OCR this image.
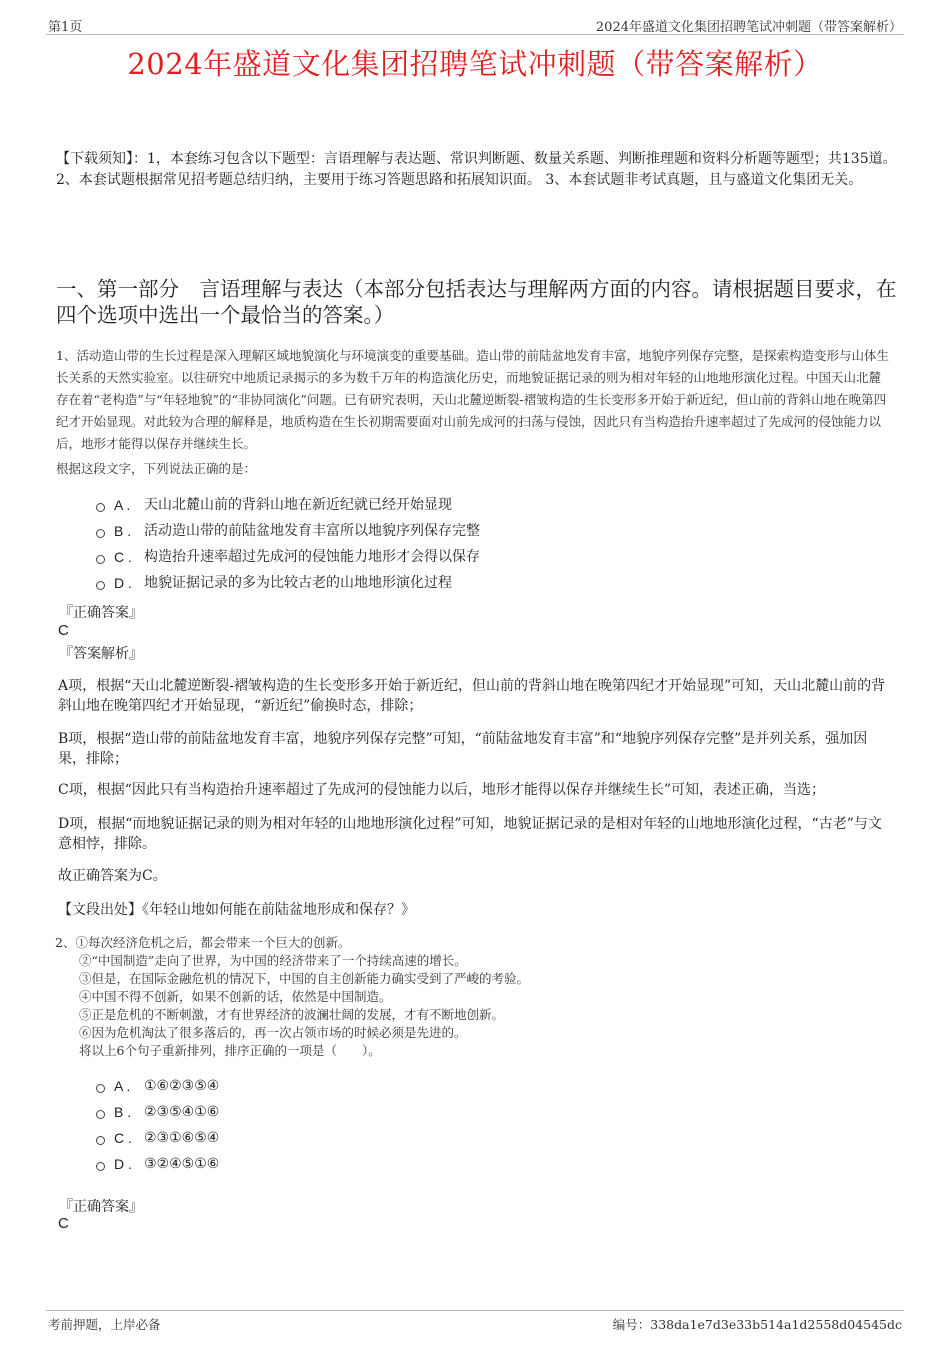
第1页	2024年盛道文化集团招聘笔试冲刺题（带答案解析）
2024年盛道文化集团招聘笔试冲刺题（带答案解析）
【下载须知】：1，本套练习包含以下题型：言语理解与表达题、常识判断题、数量关系题、判断推理题和资料分析题等题型；共135道。 2、本套试题根据常见招考题总结归纳，主要用于练习答题思路和拓展知识面。 3、本套试题非考试真题，且与盛道文化集团无关。
一、第一部分　言语理解与表达（本部分包括表达与理解两方面的内容。请根据题目要求，在四个选项中选出一个最恰当的答案。）
1、活动造山带的生长过程是深入理解区域地貌演化与环境演变的重要基础。造山带的前陆盆地发育丰富，地貌序列保存完整，是探索构造变形与山体生长关系的天然实验室。以往研究中地质记录揭示的多为数千万年的构造演化历史，而地貌证据记录的则为相对年轻的山地地形演化过程。中国天山北麓存在着“老构造”与“年轻地貌”的“非协同演化”问题。已有研究表明，天山北麓逆断裂-褶皱构造的生长变形多开始于新近纪，但山前的背斜山地在晚第四纪才开始显现。对此较为合理的解释是，地质构造在生长初期需要面对山前先成河的扫荡与侵蚀，因此只有当构造抬升速率超过了先成河的侵蚀能力以后，地形才能得以保存并继续生长。
根据这段文字，下列说法正确的是：
A . 天山北麓山前的背斜山地在新近纪就已经开始显现
B . 活动造山带的前陆盆地发育丰富所以地貌序列保存完整
C . 构造抬升速率超过先成河的侵蚀能力地形才会得以保存
D . 地貌证据记录的多为比较古老的山地地形演化过程
『正确答案』
C
『答案解析』
A项，根据“天山北麓逆断裂-褶皱构造的生长变形多开始于新近纪，但山前的背斜山地在晚第四纪才开始显现”可知，天山北麓山前的背斜山地在晚第四纪才开始显现，“新近纪”偷换时态，排除；
B项，根据“造山带的前陆盆地发育丰富，地貌序列保存完整”可知，“前陆盆地发育丰富”和“地貌序列保存完整”是并列关系，强加因果，排除；
C项，根据“因此只有当构造抬升速率超过了先成河的侵蚀能力以后，地形才能得以保存并继续生长”可知，表述正确，当选；
D项，根据“而地貌证据记录的则为相对年轻的山地地形演化过程”可知，地貌证据记录的是相对年轻的山地地形演化过程，“古老”与文意相悖，排除。
故正确答案为C。
【文段出处】《年轻山地如何能在前陆盆地形成和保存？》
2、①每次经济危机之后，都会带来一个巨大的创新。
②“中国制造”走向了世界，为中国的经济带来了一个持续高速的增长。
③但是，在国际金融危机的情况下，中国的自主创新能力确实受到了严峻的考验。
④中国不得不创新，如果不创新的话，依然是中国制造。
⑤正是危机的不断刺激，才有世界经济的波澜壮阔的发展，才有不断地创新。
⑥因为危机淘汰了很多落后的，再一次占领市场的时候必须是先进的。
将以上6个句子重新排列，排序正确的一项是（　　）。
A . ①⑥②③⑤④
B . ②③⑤④①⑥
C . ②③①⑥⑤④
D . ③②④⑤①⑥
『正确答案』
C
考前押题，上岸必备	编号：338da1e7d3e33b514a1d2558d04545dc
